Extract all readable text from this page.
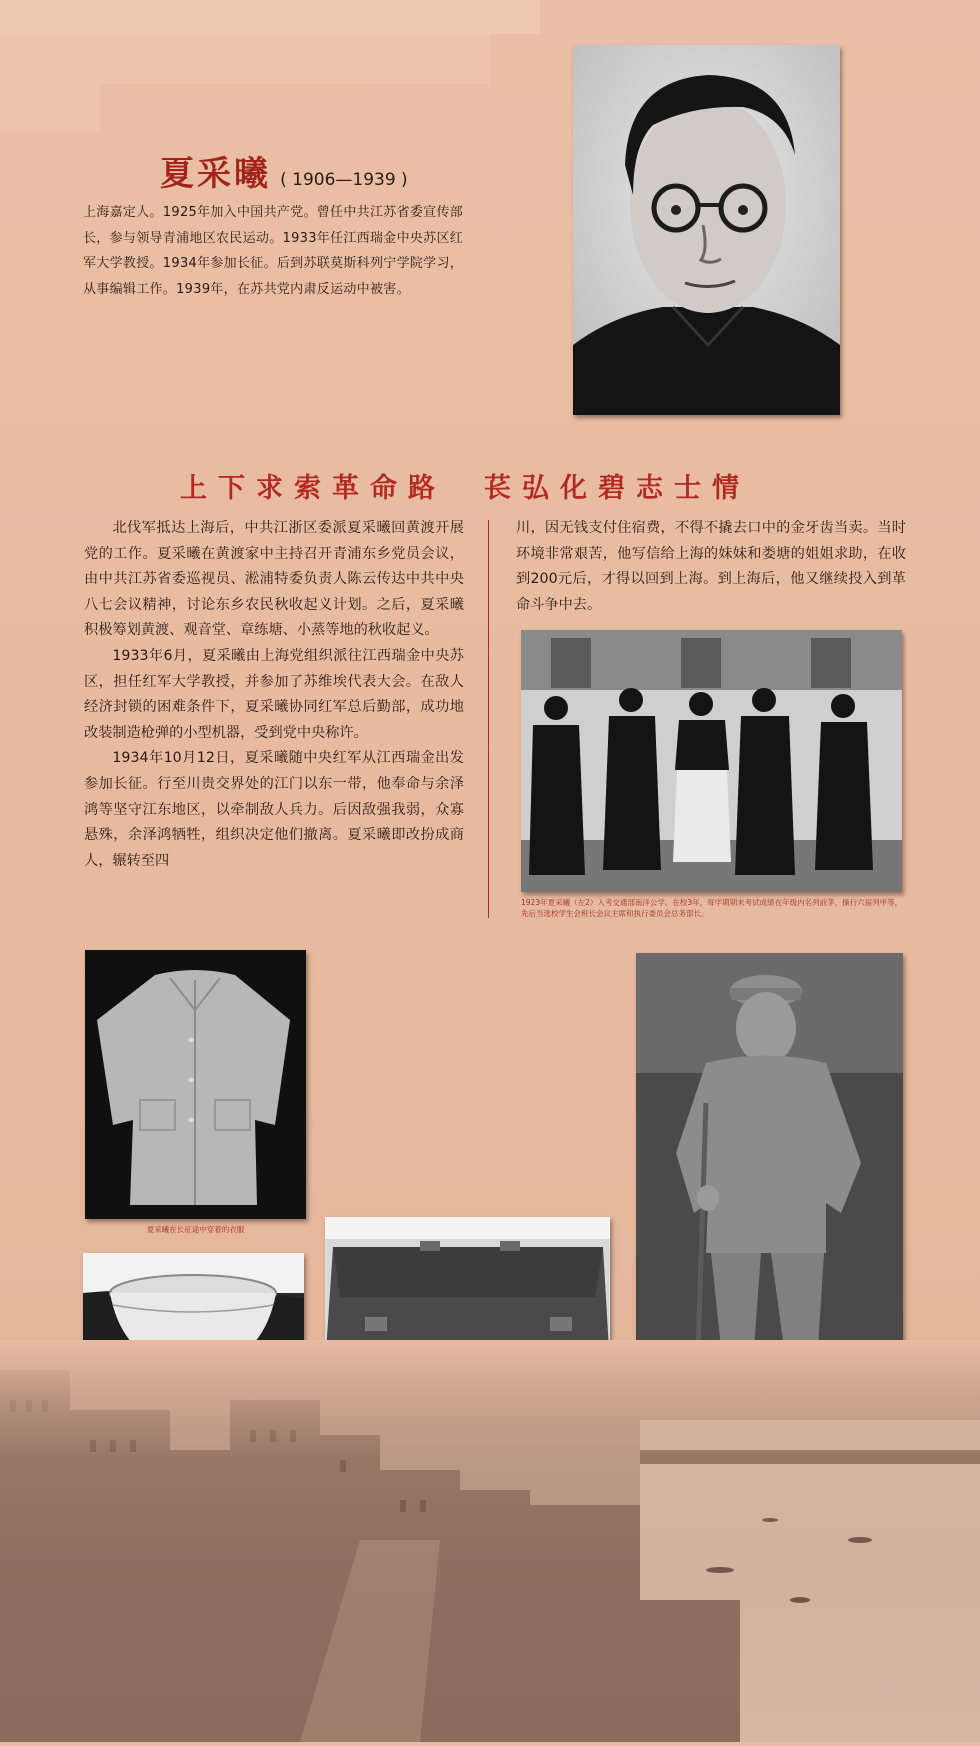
夏采曦 ( 1906—1939 )
上海嘉定人。1925年加入中国共产党。曾任中共江苏省委宣传部长，参与领导青浦地区农民运动。1933年任江西瑞金中央苏区红军大学教授。1934年参加长征。后到苏联莫斯科列宁学院学习，从事编辑工作。1939年，在苏共党内肃反运动中被害。
上下求索革命路　苌弘化碧志士情

北伐军抵达上海后，中共江浙区委派夏采曦回黄渡开展党的工作。夏采曦在黄渡家中主持召开青浦东乡党员会议，由中共江苏省委巡视员、淞浦特委负责人陈云传达中共中央八七会议精神，讨论东乡农民秋收起义计划。之后，夏采曦积极筹划黄渡、观音堂、章练塘、小蒸等地的秋收起义。

1933年6月，夏采曦由上海党组织派往江西瑞金中央苏区，担任红军大学教授，并参加了苏维埃代表大会。在敌人经济封锁的困难条件下，夏采曦协同红军总后勤部，成功地改装制造枪弹的小型机器，受到党中央称许。

1934年10月12日，夏采曦随中央红军从江西瑞金出发参加长征。行至川贵交界处的江门以东一带，他奉命与余泽鸿等坚守江东地区，以牵制敌人兵力。后因敌强我弱，众寡悬殊，余泽鸿牺牲，组织决定他们撤离。夏采曦即改扮成商人，辗转至四

川，因无钱支付住宿费，不得不撬去口中的金牙齿当卖。当时环境非常艰苦，他写信给上海的妹妹和娄塘的姐姐求助，在收到200元后，才得以回到上海。到上海后，他又继续投入到革命斗争中去。

1923年夏采曦（左2）入考交通部南洋公学。在校3年，每学期期末考试成绩在年级内名列前茅，操行六届列甲等，先后当选校学生会班长会议主席和执行委员会总务部长。
夏采曦在长征途中穿着的衣服
